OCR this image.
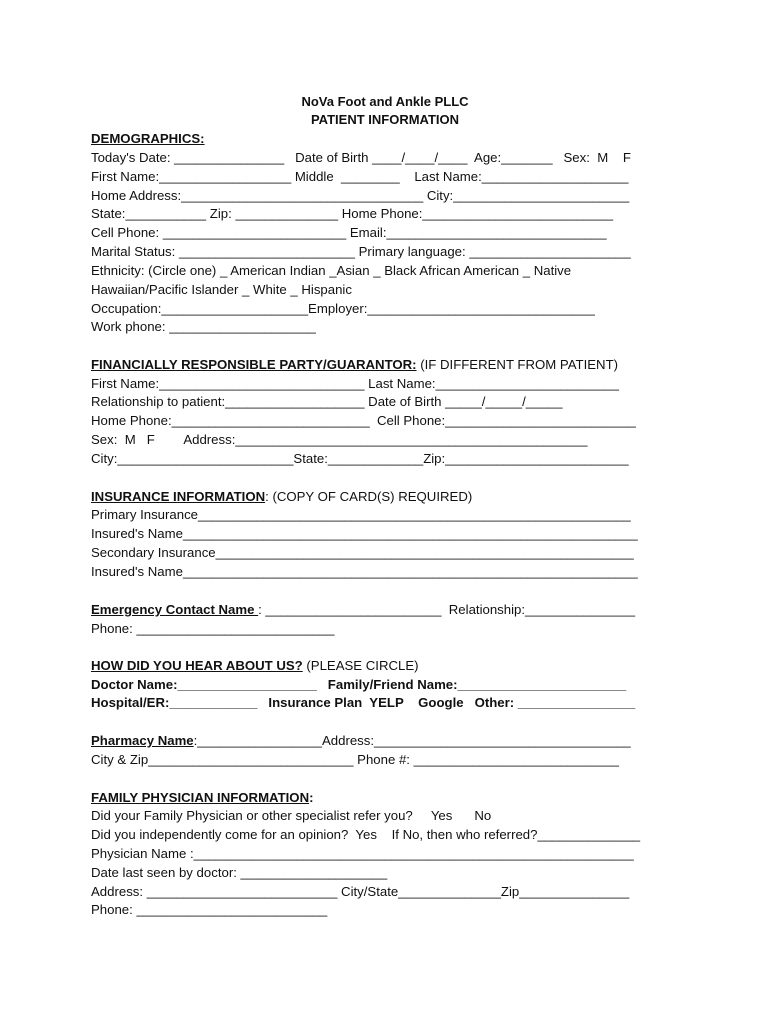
NoVa Foot and Ankle PLLC
PATIENT INFORMATION
DEMOGRAPHICS:
Today's Date: _______________   Date of Birth ____/____/____  Age:_______   Sex:  M    F
First Name:__________________ Middle  ________    Last Name:____________________
Home Address:_________________________________ City:________________________
State:___________ Zip: ______________ Home Phone:__________________________
Cell Phone: _________________________ Email:______________________________
Marital Status: ________________________ Primary language: ______________________
Ethnicity: (Circle one) _ American Indian _Asian _ Black African American _ Native
Hawaiian/Pacific Islander _ White _ Hispanic
Occupation:____________________Employer:_______________________________
Work phone: ____________________
FINANCIALLY RESPONSIBLE PARTY/GUARANTOR: (IF DIFFERENT FROM PATIENT)
First Name:____________________________ Last Name:_________________________
Relationship to patient:___________________ Date of Birth _____/_____/_____
Home Phone:___________________________  Cell Phone:__________________________
Sex:  M   F        Address:________________________________________________
City:________________________State:_____________Zip:_________________________
INSURANCE INFORMATION: (COPY OF CARD(S) REQUIRED)
Primary Insurance___________________________________________________________
Insured's Name______________________________________________________________
Secondary Insurance_________________________________________________________
Insured's Name______________________________________________________________
Emergency Contact Name : ________________________  Relationship:_______________
Phone: ___________________________
HOW DID YOU HEAR ABOUT US? (PLEASE CIRCLE)
Doctor Name:___________________   Family/Friend Name:_______________________
Hospital/ER:____________   Insurance Plan  YELP    Google   Other: ________________
Pharmacy Name:_________________Address:___________________________________
City & Zip____________________________ Phone #: ____________________________
FAMILY PHYSICIAN INFORMATION:
Did your Family Physician or other specialist refer you?     Yes      No
Did you independently come for an opinion?  Yes    If No, then who referred?______________
Physician Name :____________________________________________________________
Date last seen by doctor: ____________________
Address: __________________________ City/State______________Zip_______________
Phone: __________________________
